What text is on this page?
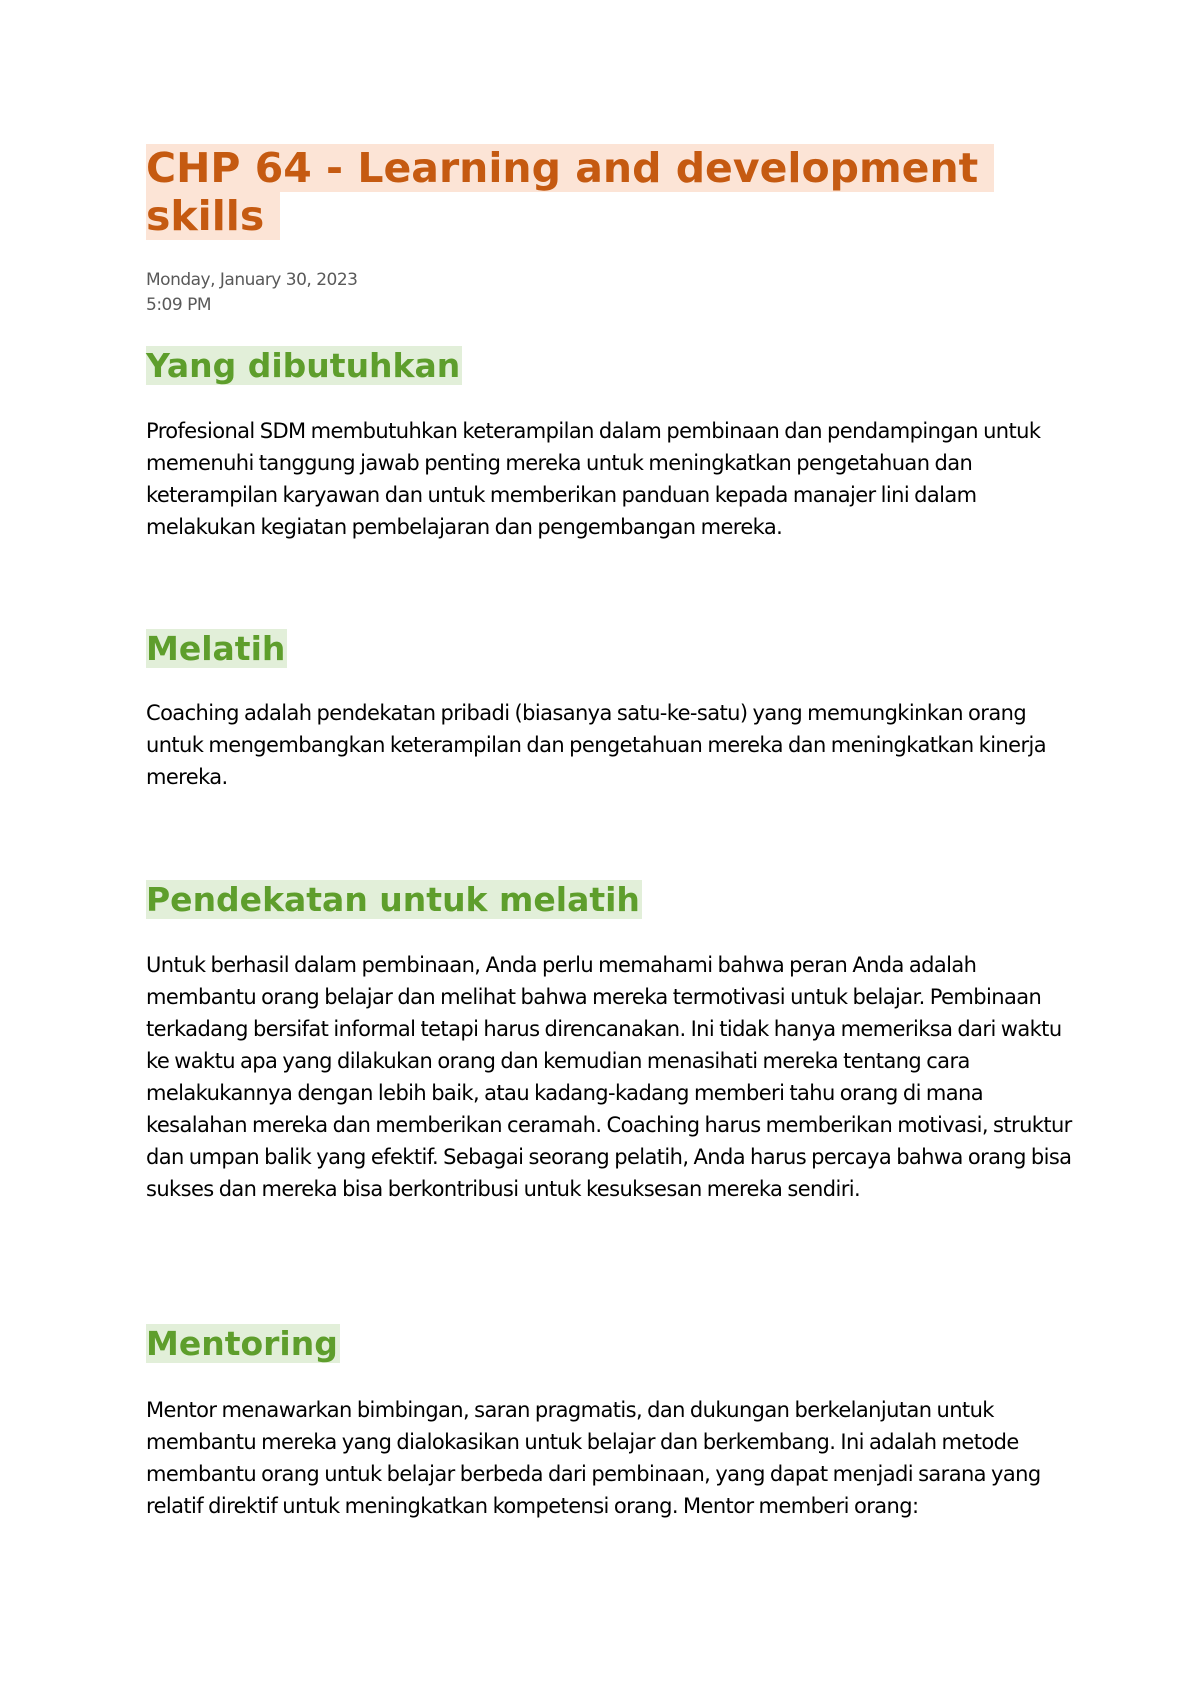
CHP 64 - Learning and development skills
Monday, January 30, 2023
5:09 PM
Yang dibutuhkan

Profesional SDM membutuhkan keterampilan dalam pembinaan dan pendampingan untuk memenuhi tanggung jawab penting mereka untuk meningkatkan pengetahuan dan keterampilan karyawan dan untuk memberikan panduan kepada manajer lini dalam melakukan kegiatan pembelajaran dan pengembangan mereka.

Melatih

Coaching adalah pendekatan pribadi (biasanya satu-ke-satu) yang memungkinkan orang untuk mengembangkan keterampilan dan pengetahuan mereka dan meningkatkan kinerja mereka.

Pendekatan untuk melatih

Untuk berhasil dalam pembinaan, Anda perlu memahami bahwa peran Anda adalah membantu orang belajar dan melihat bahwa mereka termotivasi untuk belajar. Pembinaan terkadang bersifat informal tetapi harus direncanakan. Ini tidak hanya memeriksa dari waktu ke waktu apa yang dilakukan orang dan kemudian menasihati mereka tentang cara melakukannya dengan lebih baik, atau kadang-kadang memberi tahu orang di mana kesalahan mereka dan memberikan ceramah. Coaching harus memberikan motivasi, struktur dan umpan balik yang efektif. Sebagai seorang pelatih, Anda harus percaya bahwa orang bisa sukses dan mereka bisa berkontribusi untuk kesuksesan mereka sendiri.

Mentoring

Mentor menawarkan bimbingan, saran pragmatis, dan dukungan berkelanjutan untuk membantu mereka yang dialokasikan untuk belajar dan berkembang. Ini adalah metode membantu orang untuk belajar berbeda dari pembinaan, yang dapat menjadi sarana yang relatif direktif untuk meningkatkan kompetensi orang. Mentor memberi orang:
